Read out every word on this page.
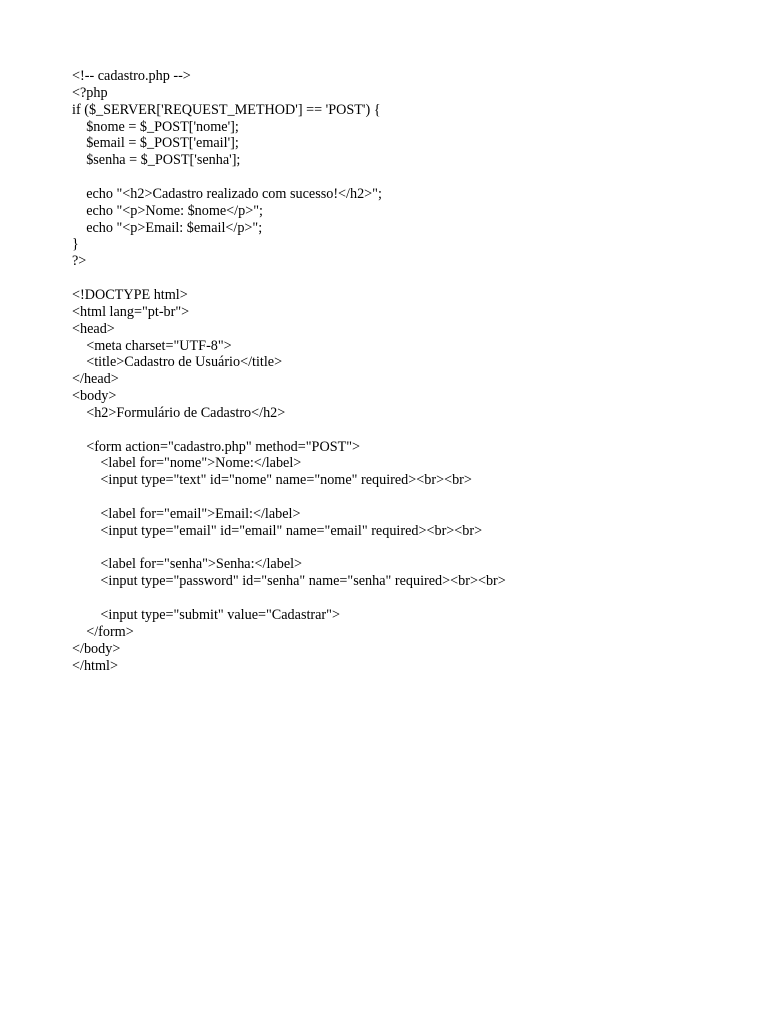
<!-- cadastro.php -->
<?php
if ($_SERVER['REQUEST_METHOD'] == 'POST') {
$nome = $_POST['nome'];
$email = $_POST['email'];
$senha = $_POST['senha'];
echo "<h2>Cadastro realizado com sucesso!</h2>";
echo "<p>Nome: $nome</p>";
echo "<p>Email: $email</p>";
}
?>
<!DOCTYPE html>
<html lang="pt-br">
<head>
<meta charset="UTF-8">
<title>Cadastro de Usuário</title>
</head>
<body>
<h2>Formulário de Cadastro</h2>
<form action="cadastro.php" method="POST">
<label for="nome">Nome:</label>
<input type="text" id="nome" name="nome" required><br><br>
<label for="email">Email:</label>
<input type="email" id="email" name="email" required><br><br>
<label for="senha">Senha:</label>
<input type="password" id="senha" name="senha" required><br><br>
<input type="submit" value="Cadastrar">
</form>
</body>
</html>
